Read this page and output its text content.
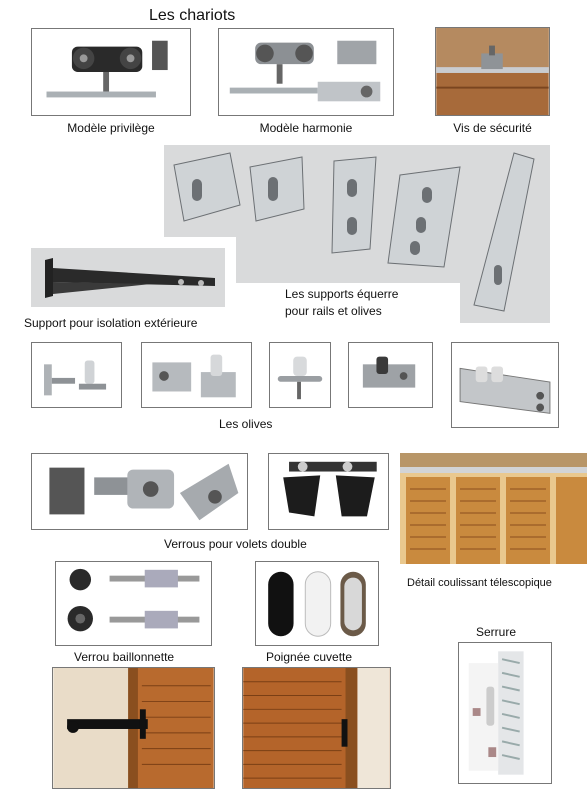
Les chariots
Modèle privilège	Modèle harmonie	Vis de sécurité
Les supports équerre
pour rails et olives
Support pour isolation extérieure
Les olives
Verrous pour volets double
Détail coulissant télescopique
Verrou baillonnette	Poignée cuvette
Serrure
